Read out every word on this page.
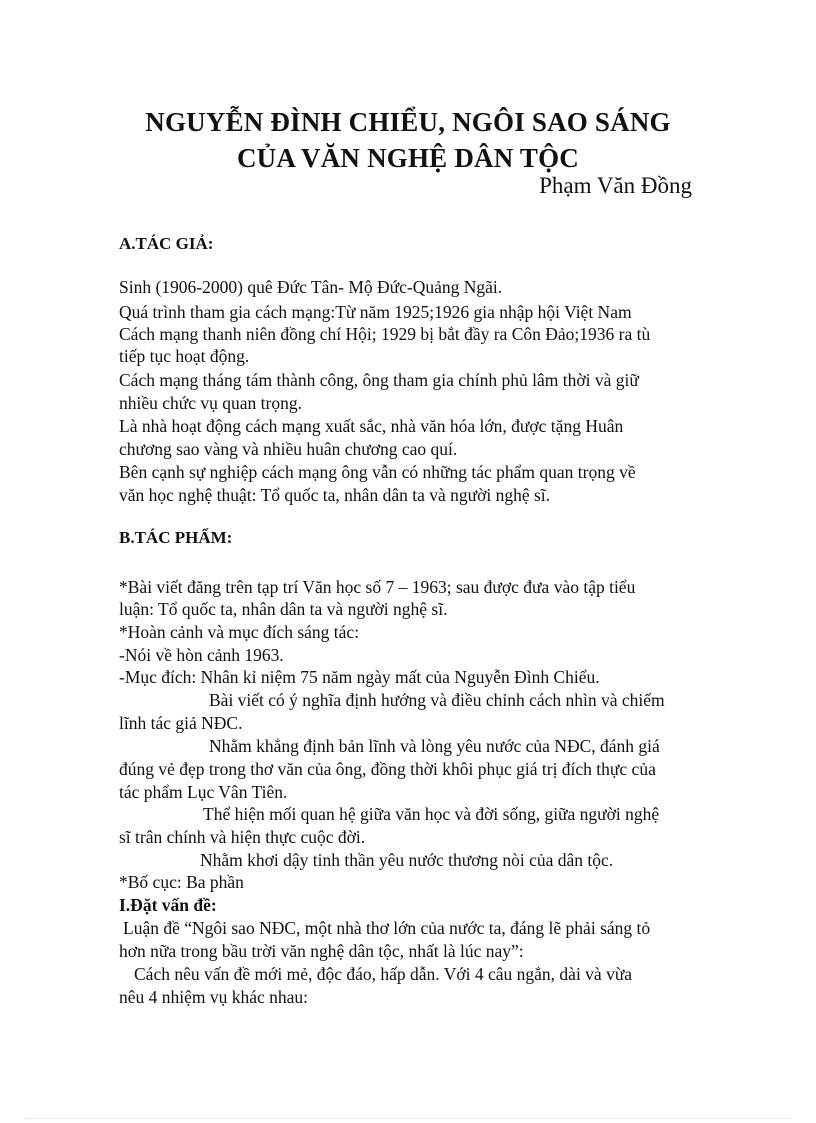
NGUYỄN ĐÌNH CHIỂU, NGÔI SAO SÁNG
CỦA VĂN NGHỆ DÂN TỘC
Phạm Văn Đồng
A.TÁC GIẢ:
Sinh (1906-2000) quê Đức Tân- Mộ Đức-Quảng Ngãi.
Quá trình tham gia cách mạng:Từ năm 1925;1926 gia nhập hội Việt Nam
Cách mạng thanh niên đồng chí Hội; 1929 bị bắt đầy ra Côn Đảo;1936 ra tù
tiếp tục hoạt động.
Cách mạng tháng tám thành công, ông tham gia chính phủ lâm thời và giữ
nhiều chức vụ quan trọng.
Là nhà hoạt động cách mạng xuất sắc, nhà văn hóa lớn, được tặng Huân
chương sao vàng và nhiều huân chương cao quí.
Bên cạnh sự nghiệp cách mạng ông vẫn có những tác phẩm quan trọng về
văn học nghệ thuật: Tổ quốc ta, nhân dân ta và người nghệ sĩ.
B.TÁC PHẨM:
*Bài viết đăng trên tạp trí Văn học số 7 – 1963; sau được đưa vào tập tiểu
luận: Tổ quốc ta, nhân dân ta và người nghệ sĩ.
*Hoàn cảnh và mục đích sáng tác:
-Nói về hòn cảnh 1963.
-Mục đích: Nhân kỉ niệm 75 năm ngày mất của Nguyễn Đình Chiểu.
Bài viết có ý nghĩa định hướng và điều chỉnh cách nhìn và chiếm
lĩnh tác giả NĐC.
Nhằm khẳng định bản lĩnh và lòng yêu nước của NĐC, đánh giá
đúng vẻ đẹp trong thơ văn của ông, đồng thời khôi phục giá trị đích thực của
tác phẩm Lục Vân Tiên.
Thể hiện mối quan hệ giữa văn học và đời sống, giữa người nghệ
sĩ trân chính và hiện thực cuộc đời.
Nhằm khơi dậy tinh thần yêu nước thương nòi của dân tộc.
*Bố cục: Ba phần
I.Đặt vấn đề:
Luận đề “Ngôi sao NĐC, một nhà thơ lớn của nước ta, đáng lẽ phải sáng tỏ
hơn nữa trong bầu trời văn nghệ dân tộc, nhất là lúc nay”:
Cách nêu vấn đề mới mẻ, độc đáo, hấp dẫn. Với 4 câu ngắn, dài và vừa
nêu 4 nhiệm vụ khác nhau:
